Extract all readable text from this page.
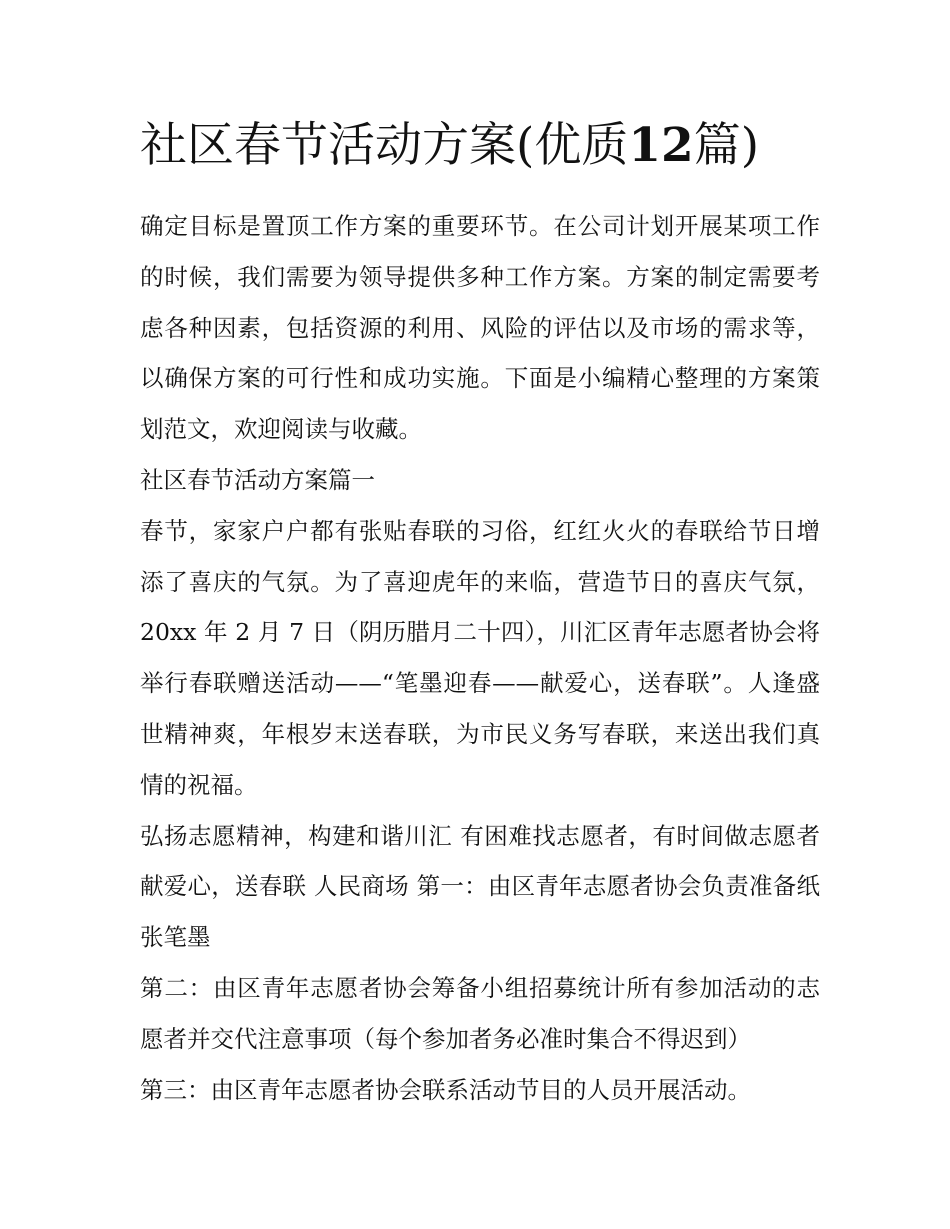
社区春节活动方案(优质12篇)

确定目标是置顶工作方案的重要环节。在公司计划开展某项工作的时候，我们需要为领导提供多种工作方案。方案的制定需要考虑各种因素，包括资源的利用、风险的评估以及市场的需求等，以确保方案的可行性和成功实施。下面是小编精心整理的方案策划范文，欢迎阅读与收藏。

社区春节活动方案篇一

春节，家家户户都有张贴春联的习俗，红红火火的春联给节日增添了喜庆的气氛。为了喜迎虎年的来临，营造节日的喜庆气氛，20xx 年 2 月 7 日（阴历腊月二十四），川汇区青年志愿者协会将举行春联赠送活动——“笔墨迎春——献爱心，送春联”。人逢盛世精神爽，年根岁末送春联，为市民义务写春联，来送出我们真情的祝福。

弘扬志愿精神，构建和谐川汇 有困难找志愿者，有时间做志愿者 献爱心，送春联 人民商场 第一：由区青年志愿者协会负责准备纸张笔墨

第二：由区青年志愿者协会筹备小组招募统计所有参加活动的志愿者并交代注意事项（每个参加者务必准时集合不得迟到）

第三：由区青年志愿者协会联系活动节目的人员开展活动。
